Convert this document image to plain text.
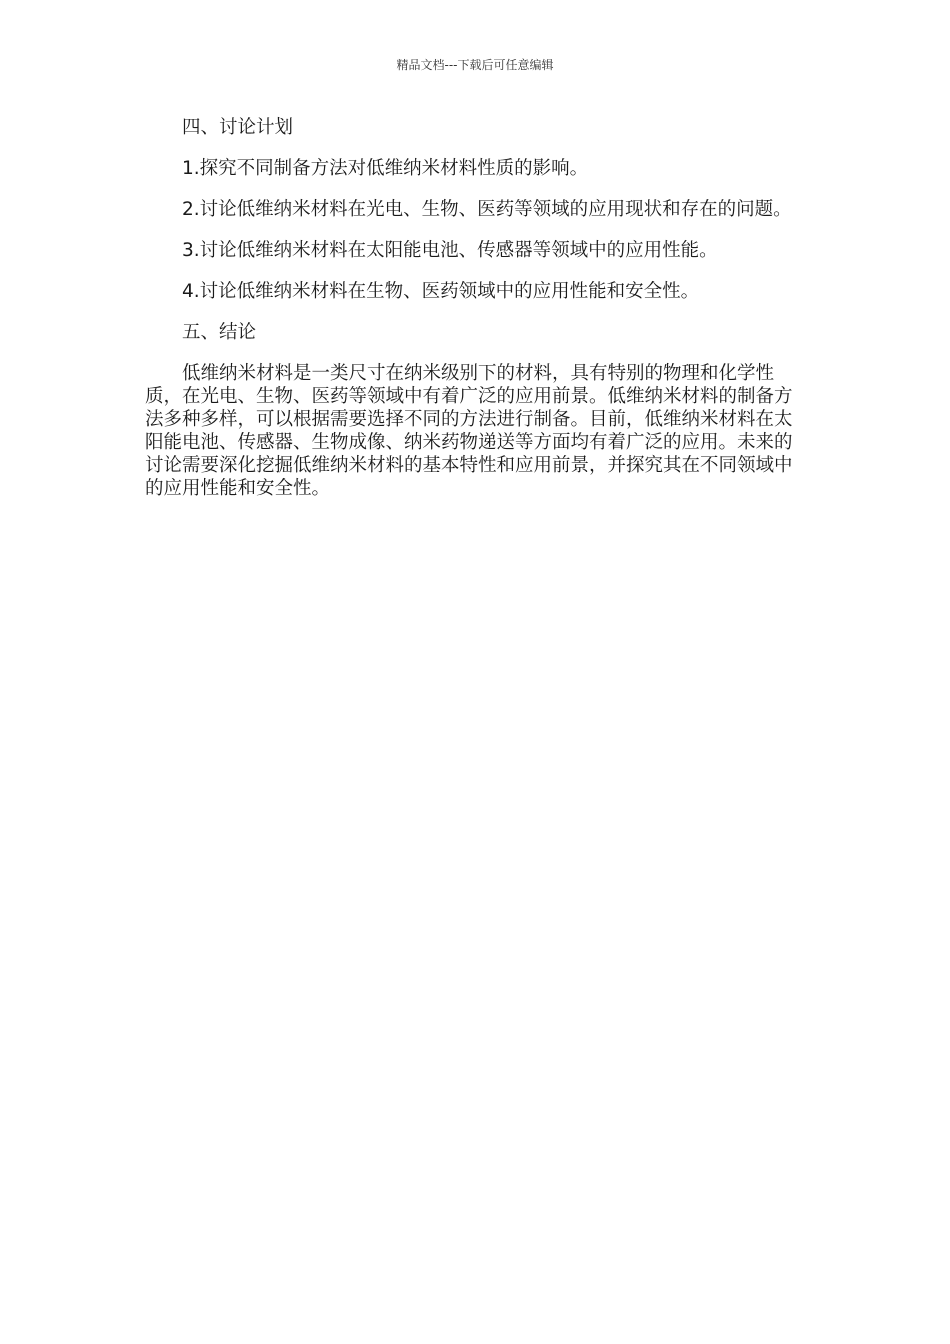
精品文档---下载后可任意编辑

四、讨论计划

1.探究不同制备方法对低维纳米材料性质的影响。

2.讨论低维纳米材料在光电、生物、医药等领域的应用现状和存在的问题。

3.讨论低维纳米材料在太阳能电池、传感器等领域中的应用性能。

4.讨论低维纳米材料在生物、医药领域中的应用性能和安全性。

五、结论

低维纳米材料是一类尺寸在纳米级别下的材料，具有特别的物理和化学性质，在光电、生物、医药等领域中有着广泛的应用前景。低维纳米材料的制备方法多种多样，可以根据需要选择不同的方法进行制备。目前，低维纳米材料在太阳能电池、传感器、生物成像、纳米药物递送等方面均有着广泛的应用。未来的讨论需要深化挖掘低维纳米材料的基本特性和应用前景，并探究其在不同领域中的应用性能和安全性。
